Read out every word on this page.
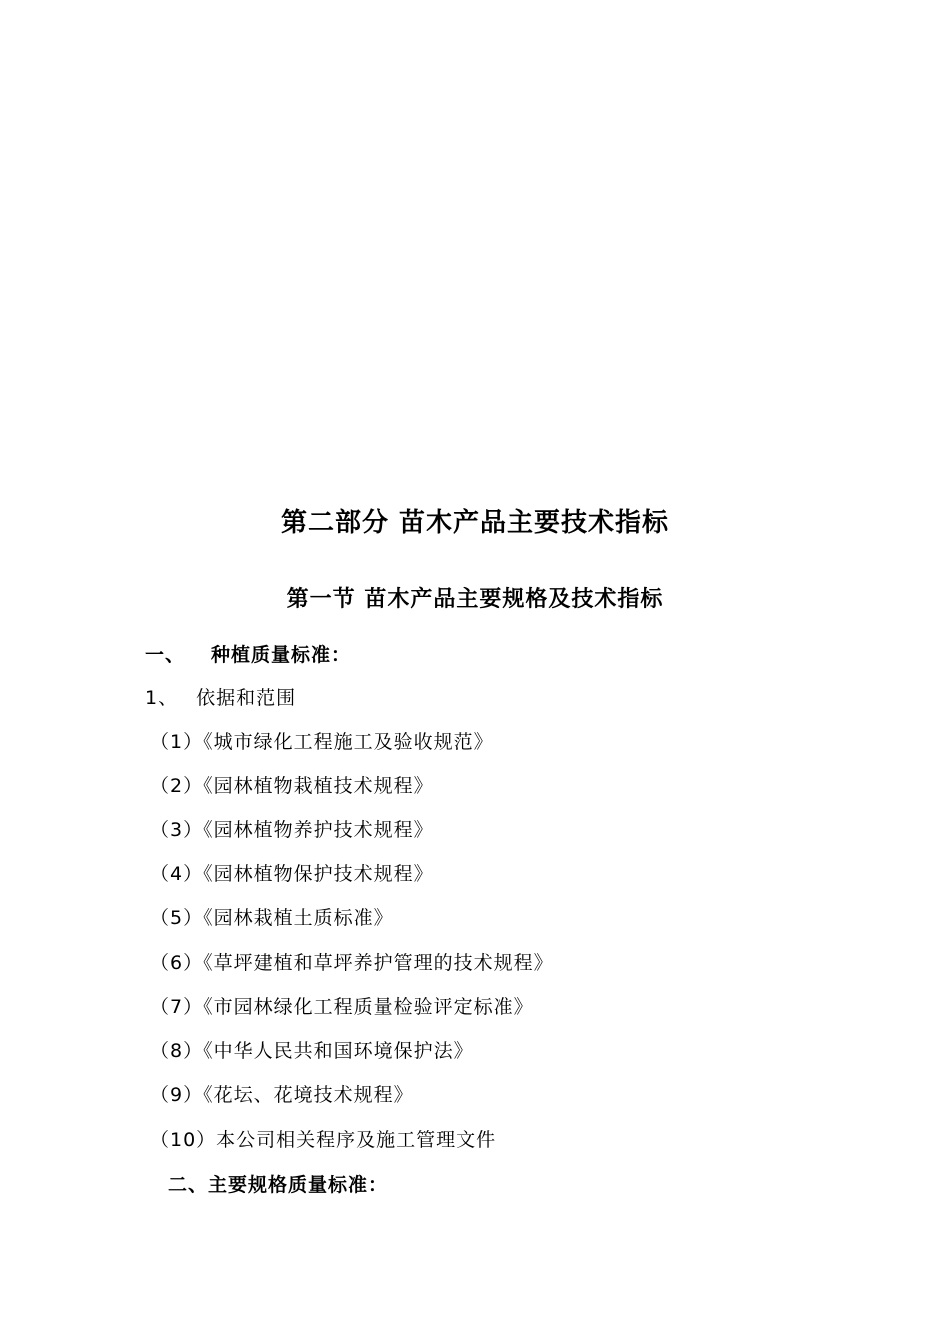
第二部分 苗木产品主要技术指标
第一节 苗木产品主要规格及技术指标
一、 种植质量标准：
1、 依据和范围
（1）《城市绿化工程施工及验收规范》
（2）《园林植物栽植技术规程》
（3）《园林植物养护技术规程》
（4）《园林植物保护技术规程》
（5）《园林栽植土质标准》
（6）《草坪建植和草坪养护管理的技术规程》
（7）《市园林绿化工程质量检验评定标准》
（8）《中华人民共和国环境保护法》
（9）《花坛、花境技术规程》
（10）本公司相关程序及施工管理文件
二、主要规格质量标准：
